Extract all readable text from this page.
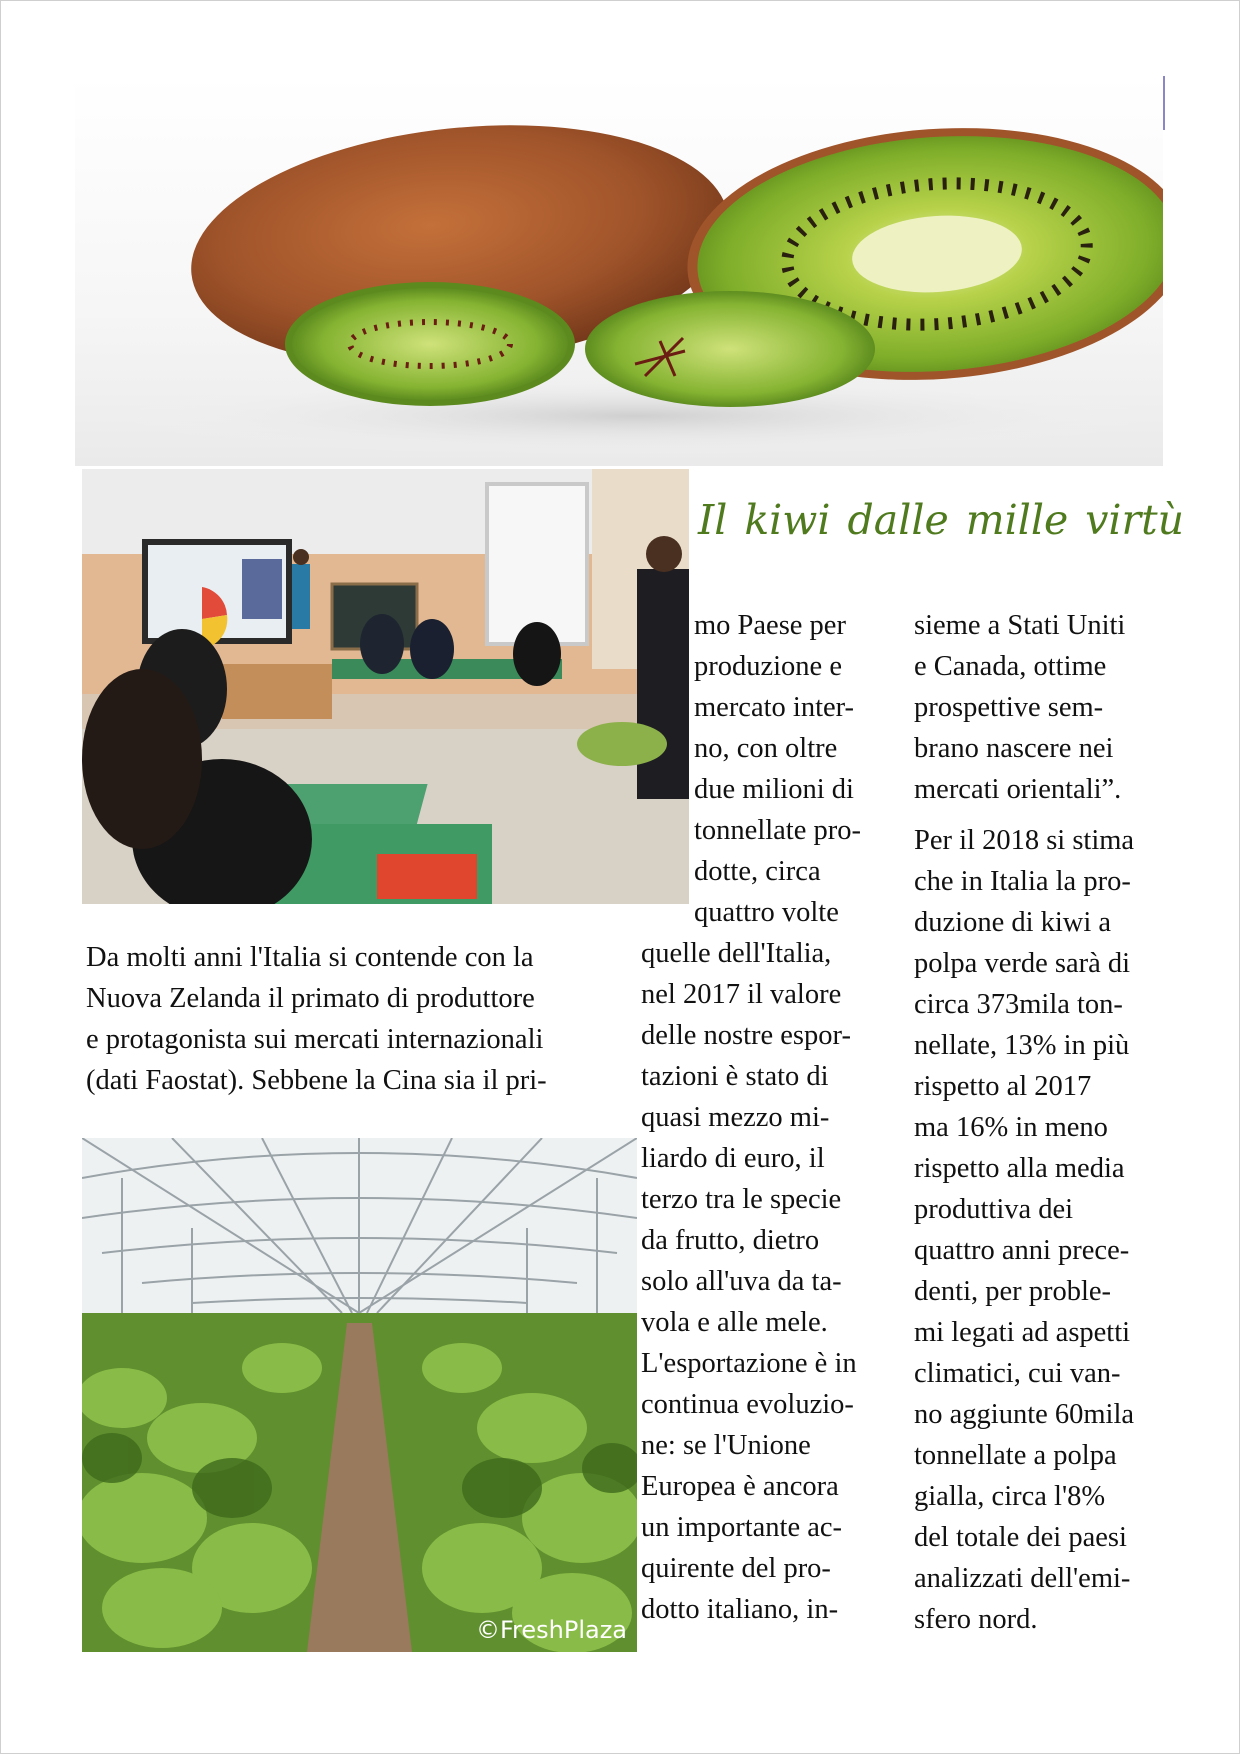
Il kiwi dalle mille virtù
mo Paese per
produzione e
mercato inter-
no, con oltre
due milioni di
tonnellate pro-
dotte, circa
quattro volte
sieme a Stati Uniti
e Canada, ottime
prospettive sem-
brano nascere nei
mercati orientali”.
Per il 2018 si stima
che in Italia la pro-
duzione di kiwi a
polpa verde sarà di
circa 373mila ton-
nellate, 13% in più
rispetto al 2017
ma 16% in meno
rispetto alla media
produttiva dei
quattro anni prece-
denti, per proble-
mi legati ad aspetti
climatici, cui van-
no aggiunte 60mila
tonnellate a polpa
gialla, circa l'8%
del totale dei paesi
analizzati dell'emi-
sfero nord.
Da molti anni l'Italia si contende con la
Nuova Zelanda il primato di produttore
e protagonista sui mercati internazionali
(dati Faostat). Sebbene la Cina sia il pri-
quelle dell'Italia,
nel 2017 il valore
delle nostre espor-
tazioni è stato di
quasi mezzo mi-
liardo di euro, il
terzo tra le specie
da frutto, dietro
solo all'uva da ta-
vola e alle mele.
L'esportazione è in
continua evoluzio-
ne: se l'Unione
Europea è ancora
un importante ac-
quirente del pro-
dotto italiano, in-
©FreshPlaza
